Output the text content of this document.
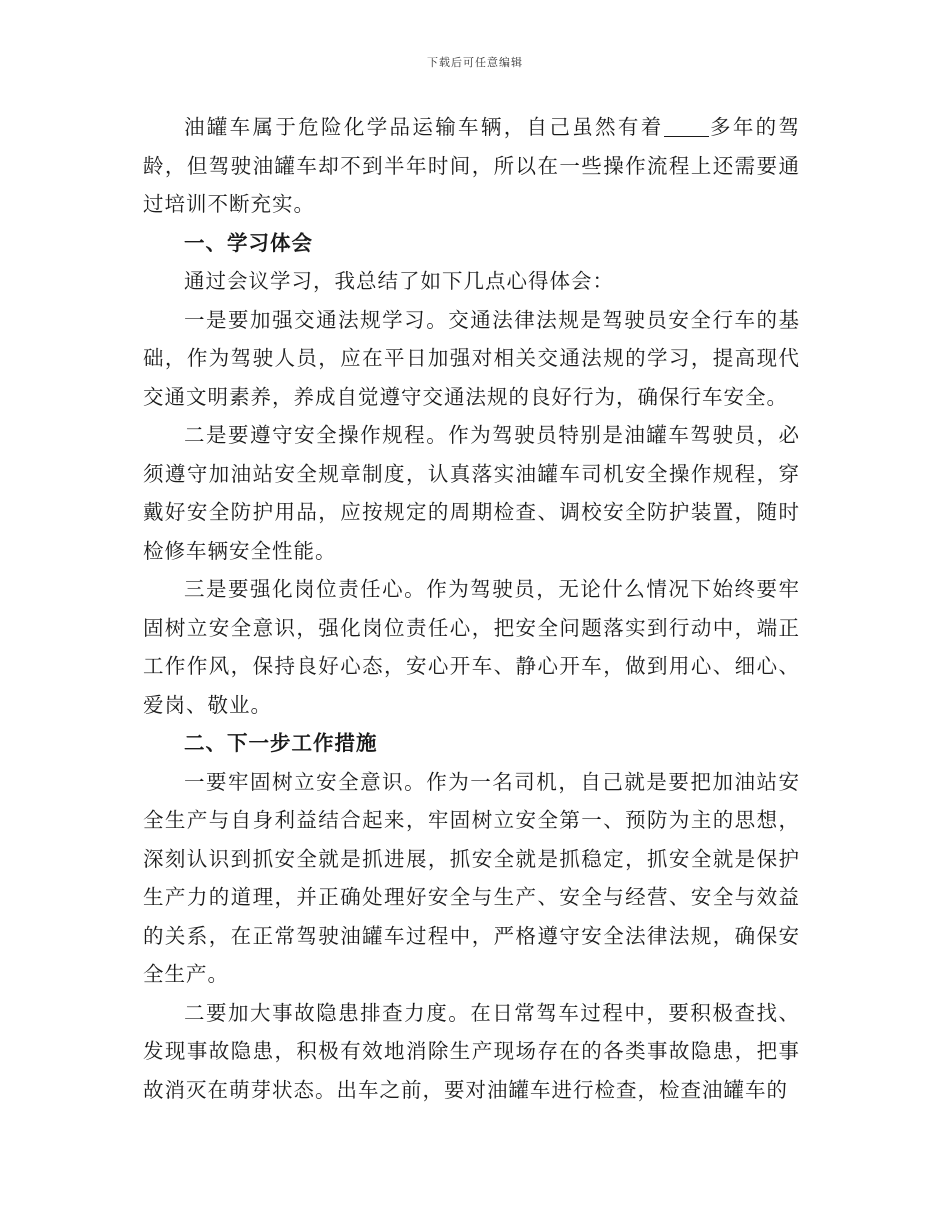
下载后可任意编辑

油罐车属于危险化学品运输车辆，自己虽然有着 多年的驾龄，但驾驶油罐车却不到半年时间，所以在一些操作流程上还需要通过培训不断充实。

一、学习体会

通过会议学习，我总结了如下几点心得体会：

一是要加强交通法规学习。交通法律法规是驾驶员安全行车的基础，作为驾驶人员，应在平日加强对相关交通法规的学习，提高现代交通文明素养，养成自觉遵守交通法规的良好行为，确保行车安全。

二是要遵守安全操作规程。作为驾驶员特别是油罐车驾驶员，必须遵守加油站安全规章制度，认真落实油罐车司机安全操作规程，穿戴好安全防护用品，应按规定的周期检查、调校安全防护装置，随时检修车辆安全性能。

三是要强化岗位责任心。作为驾驶员，无论什么情况下始终要牢固树立安全意识，强化岗位责任心，把安全问题落实到行动中，端正工作作风，保持良好心态，安心开车、静心开车，做到用心、细心、爱岗、敬业。

二、下一步工作措施

一要牢固树立安全意识。作为一名司机，自己就是要把加油站安全生产与自身利益结合起来，牢固树立安全第一、预防为主的思想，深刻认识到抓安全就是抓进展，抓安全就是抓稳定，抓安全就是保护生产力的道理，并正确处理好安全与生产、安全与经营、安全与效益的关系，在正常驾驶油罐车过程中，严格遵守安全法律法规，确保安全生产。

二要加大事故隐患排查力度。在日常驾车过程中，要积极查找、发现事故隐患，积极有效地消除生产现场存在的各类事故隐患，把事故消灭在萌芽状态。出车之前，要对油罐车进行检查，检查油罐车的
